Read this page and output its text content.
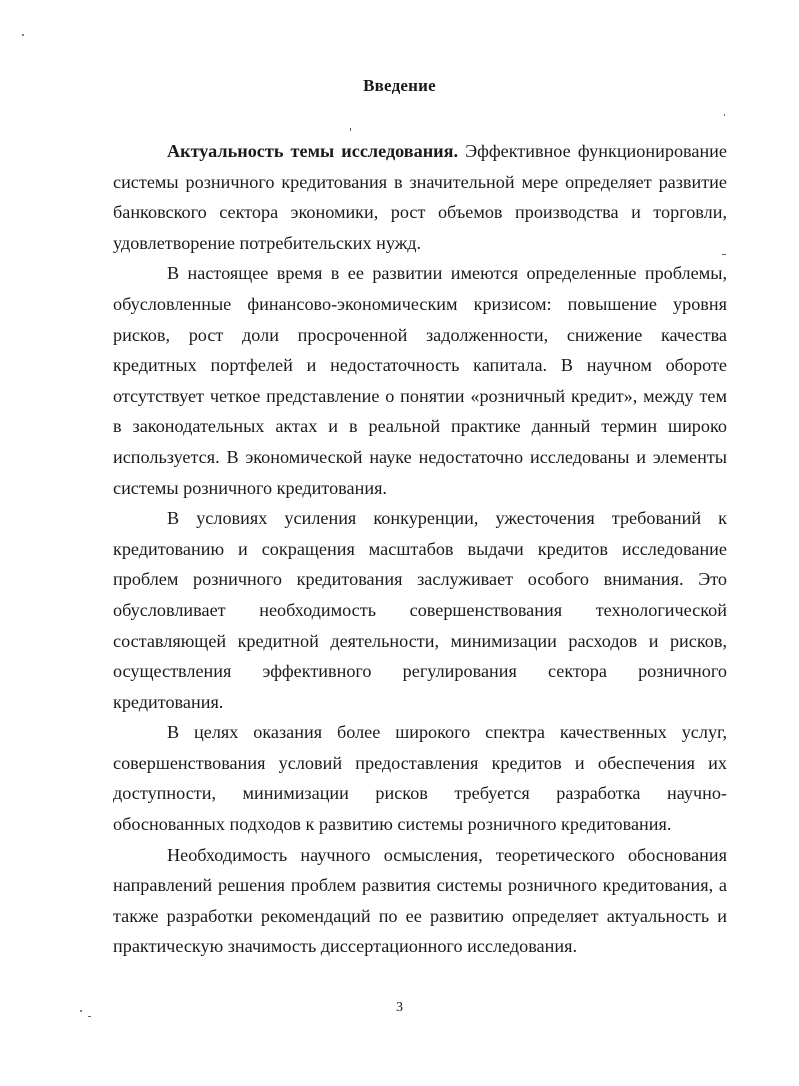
Введение

Актуальность темы исследования. Эффективное функционирование системы розничного кредитования в значительной мере определяет развитие банковского сектора экономики, рост объемов производства и торговли, удовлетворение потребительских нужд.

В настоящее время в ее развитии имеются определенные проблемы, обусловленные финансово-экономическим кризисом: повышение уровня рисков, рост доли просроченной задолженности, снижение качества кредитных портфелей и недостаточность капитала. В научном обороте отсутствует четкое представление о понятии «розничный кредит», между тем в законодательных актах и в реальной практике данный термин широко используется. В экономической науке недостаточно исследованы и элементы системы розничного кредитования.

В условиях усиления конкуренции, ужесточения требований к кредитованию и сокращения масштабов выдачи кредитов исследование проблем розничного кредитования заслуживает особого внимания. Это обусловливает необходимость совершенствования технологической составляющей кредитной деятельности, минимизации расходов и рисков, осуществления эффективного регулирования сектора розничного кредитования.

В целях оказания более широкого спектра качественных услуг, совершенствования условий предоставления кредитов и обеспечения их доступности, минимизации рисков требуется разработка научно-обоснованных подходов к развитию системы розничного кредитования.

Необходимость научного осмысления, теоретического обоснования направлений решения проблем развития системы розничного кредитования, а также разработки рекомендаций по ее развитию определяет актуальность и практическую значимость диссертационного исследования.

3
